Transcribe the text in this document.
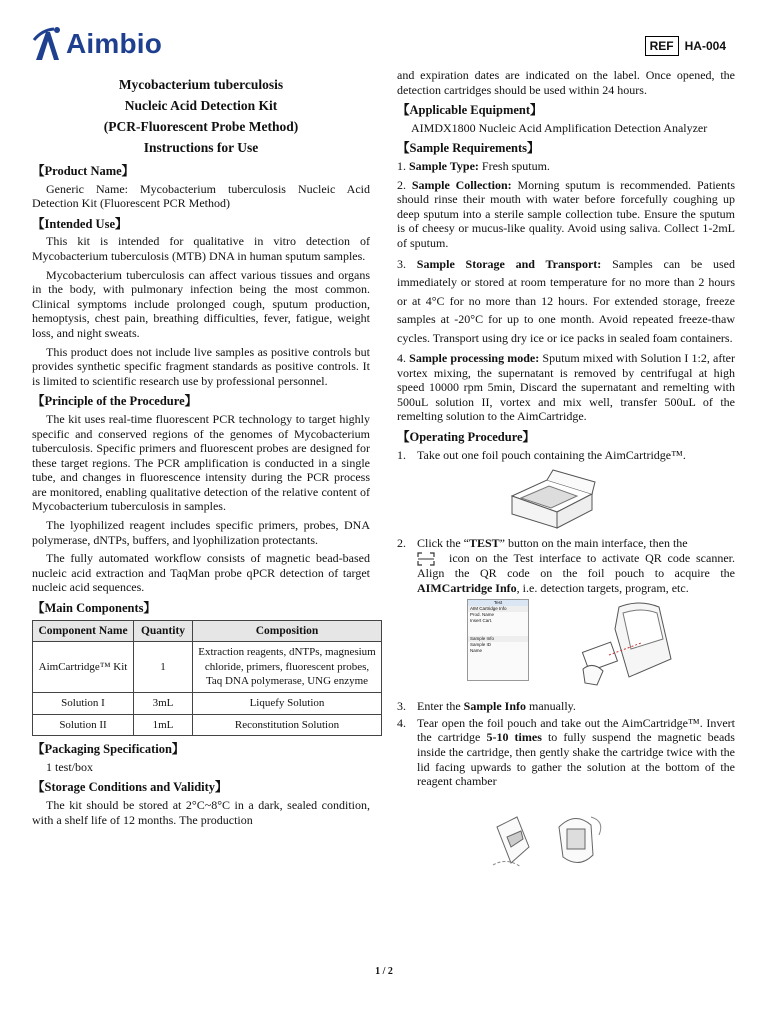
Aimbio	REF HA-004
Mycobacterium tuberculosis
Nucleic Acid Detection Kit
(PCR-Fluorescent Probe Method)
Instructions for Use
【Product Name】

Generic Name: Mycobacterium tuberculosis Nucleic Acid Detection Kit (Fluorescent PCR Method)

【Intended Use】

This kit is intended for qualitative in vitro detection of Mycobacterium tuberculosis (MTB) DNA in human sputum samples.

Mycobacterium tuberculosis can affect various tissues and organs in the body, with pulmonary infection being the most common. Clinical symptoms include prolonged cough, sputum production, hemoptysis, chest pain, breathing difficulties, fever, fatigue, weight loss, and night sweats.

This product does not include live samples as positive controls but provides synthetic specific fragment standards as positive controls. It is limited to scientific research use by professional personnel.

【Principle of the Procedure】

The kit uses real-time fluorescent PCR technology to target highly specific and conserved regions of the genomes of Mycobacterium tuberculosis. Specific primers and fluorescent probes are designed for these target regions. The PCR amplification is conducted in a single tube, and changes in fluorescence intensity during the PCR process are monitored, enabling qualitative detection of the relative content of Mycobacterium tuberculosis in samples.

The lyophilized reagent includes specific primers, probes, DNA polymerase, dNTPs, buffers, and lyophilization protectants.

The fully automated workflow consists of magnetic bead-based nucleic acid extraction and TaqMan probe qPCR detection of target nucleic acid sequences.

【Main Components】
Component Name	Quantity	Composition
AimCartridge™ Kit	1	Extraction reagents, dNTPs, magnesium chloride, primers, fluorescent probes, Taq DNA polymerase, UNG enzyme
Solution I	3mL	Liquefy Solution
Solution II	1mL	Reconstitution Solution
【Packaging Specification】

1 test/box

【Storage Conditions and Validity】

The kit should be stored at 2°C~8°C in a dark, sealed condition, with a shelf life of 12 months. The production

and expiration dates are indicated on the label. Once opened, the detection cartridges should be used within 24 hours.

【Applicable Equipment】

AIMDX1800 Nucleic Acid Amplification Detection Analyzer

【Sample Requirements】

1. Sample Type: Fresh sputum.

2. Sample Collection: Morning sputum is recommended. Patients should rinse their mouth with water before forcefully coughing up deep sputum into a sterile sample collection tube. Ensure the sputum is of cheesy or mucus-like quality. Avoid using saliva. Collect 1-2mL of sputum.

3. Sample Storage and Transport: Samples can be used immediately or stored at room temperature for no more than 2 hours or at 4°C for no more than 12 hours. For extended storage, freeze samples at -20°C for up to one month. Avoid repeated freeze-thaw cycles. Transport using dry ice or ice packs in sealed foam containers.

4. Sample processing mode: Sputum mixed with Solution I 1:2, after vortex mixing, the supernatant is removed by centrifugal at high speed 10000 rpm 5min, Discard the supernatant and remelting with 500uL solution II, vortex and mix well, transfer 500uL of the remelting solution to the AimCartridge.

【Operating Procedure】
1. Take out one foil pouch containing the AimCartridge™.
2. Click the “TEST” button on the main interface, then the
icon on the Test interface to activate QR code scanner. Align the QR code on the foil pouch to acquire the AIMCartridge Info, i.e. detection targets, program, etc.
Test
AIM Cartridge Info
Prod. Name
Insert Cart.
Sample Info
Sample ID
Name
3. Enter the Sample Info manually.
4. Tear open the foil pouch and take out the AimCartridge™. Invert the cartridge 5-10 times to fully suspend the magnetic beads inside the cartridge, then gently shake the cartridge twice with the lid facing upwards to gather the solution at the bottom of the reagent chamber
1 / 2
